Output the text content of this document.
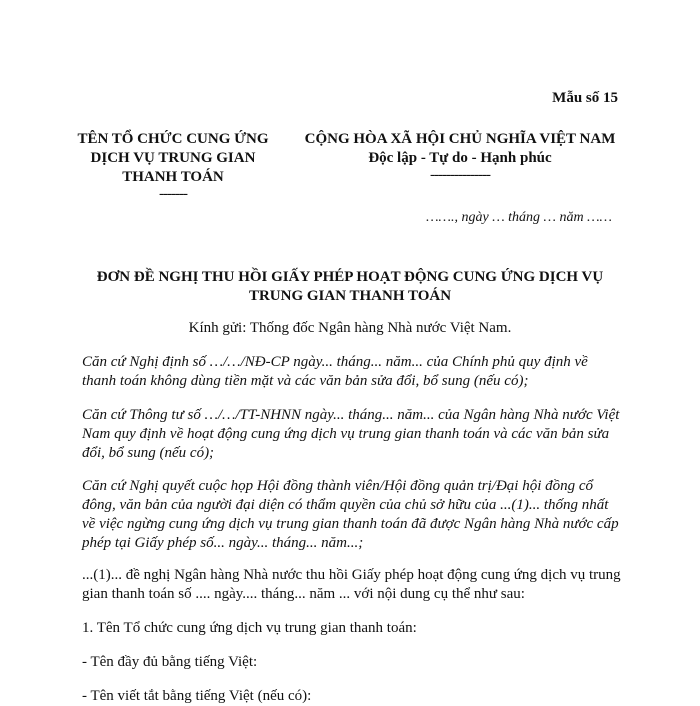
Mẫu số 15
TÊN TỔ CHỨC CUNG ỨNG
DỊCH VỤ TRUNG GIAN
THANH TOÁN
-------
CỘNG HÒA XÃ HỘI CHỦ NGHĨA VIỆT NAM
Độc lập - Tự do - Hạnh phúc
---------------
……., ngày … tháng … năm ……
ĐƠN ĐỀ NGHỊ THU HỒI GIẤY PHÉP HOẠT ĐỘNG CUNG ỨNG DỊCH VỤ
TRUNG GIAN THANH TOÁN
Kính gửi: Thống đốc Ngân hàng Nhà nước Việt Nam.
Căn cứ Nghị định số …/…/NĐ-CP ngày... tháng... năm... của Chính phủ quy định về
thanh toán không dùng tiền mặt và các văn bản sửa đổi, bổ sung (nếu có);
Căn cứ Thông tư số …/…/TT-NHNN ngày... tháng... năm... của Ngân hàng Nhà nước Việt
Nam quy định về hoạt động cung ứng dịch vụ trung gian thanh toán và các văn bản sửa
đổi, bổ sung (nếu có);
Căn cứ Nghị quyết cuộc họp Hội đồng thành viên/Hội đồng quản trị/Đại hội đồng cổ
đông, văn bản của người đại diện có thẩm quyền của chủ sở hữu của ...(1)... thống nhất
về việc ngừng cung ứng dịch vụ trung gian thanh toán đã được Ngân hàng Nhà nước cấp
phép tại Giấy phép số... ngày... tháng... năm...;
...(1)... đề nghị Ngân hàng Nhà nước thu hồi Giấy phép hoạt động cung ứng dịch vụ trung
gian thanh toán số .... ngày.... tháng... năm ... với nội dung cụ thể như sau:
1. Tên Tổ chức cung ứng dịch vụ trung gian thanh toán:
- Tên đầy đủ bằng tiếng Việt:
- Tên viết tắt bằng tiếng Việt (nếu có):
